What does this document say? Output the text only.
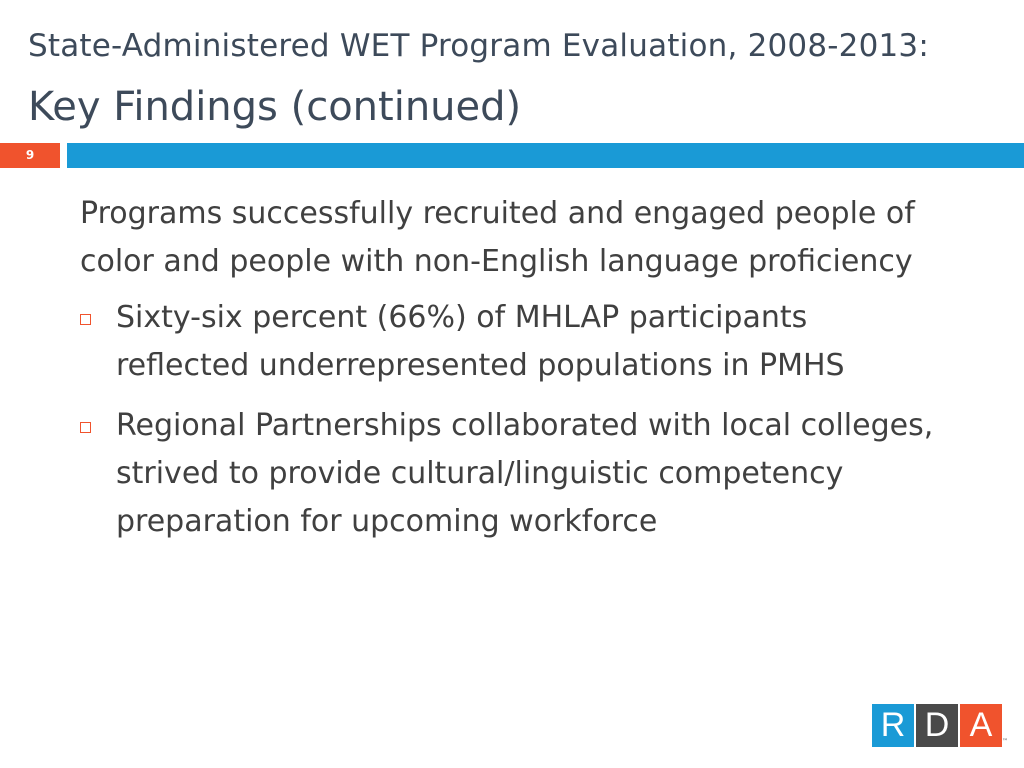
State-Administered WET Program Evaluation, 2008-2013:
Key Findings (continued)
9

Programs successfully recruited and engaged people of color and people with non-English language proficiency

Sixty-six percent (66%) of MHLAP participants reflected underrepresented populations in PMHS
Regional Partnerships collaborated with local colleges, strived to provide cultural/linguistic competency preparation for upcoming workforce
R D A	™
